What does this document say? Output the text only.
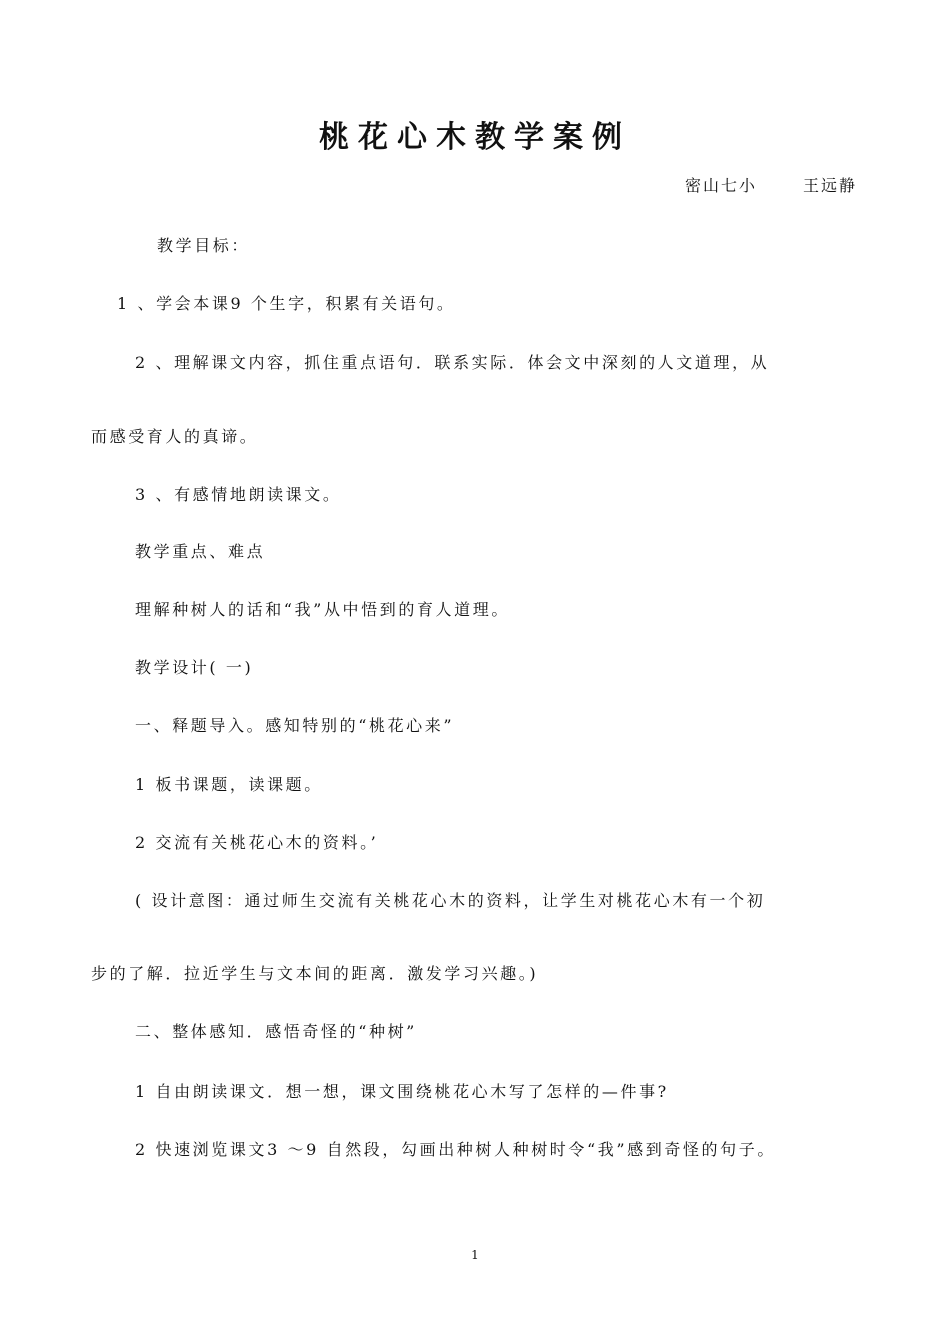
桃花心木教学案例
密山七小	王远静
教学目标：
1 、学会本课9 个生字，积累有关语句。
2 、理解课文内容，抓住重点语句．联系实际．体会文中深刻的人文道理，从
而感受育人的真谛。
3 、有感情地朗读课文。
教学重点、难点
理解种树人的话和“我”从中悟到的育人道理。
教学设计( 一)
一、释题导入。感知特别的“桃花心来”
1 板书课题，读课题。
2 交流有关桃花心木的资料。’
( 设计意图：通过师生交流有关桃花心木的资料，让学生对桃花心木有一个初
步的了解．拉近学生与文本间的距离．激发学习兴趣。)
二、整体感知．感悟奇怪的“种树”
1 自由朗读课文．想一想，课文围绕桃花心木写了怎样的—件事?
2 快速浏览课文3 ～9 自然段，勾画出种树人种树时令“我”感到奇怪的句子。
1
